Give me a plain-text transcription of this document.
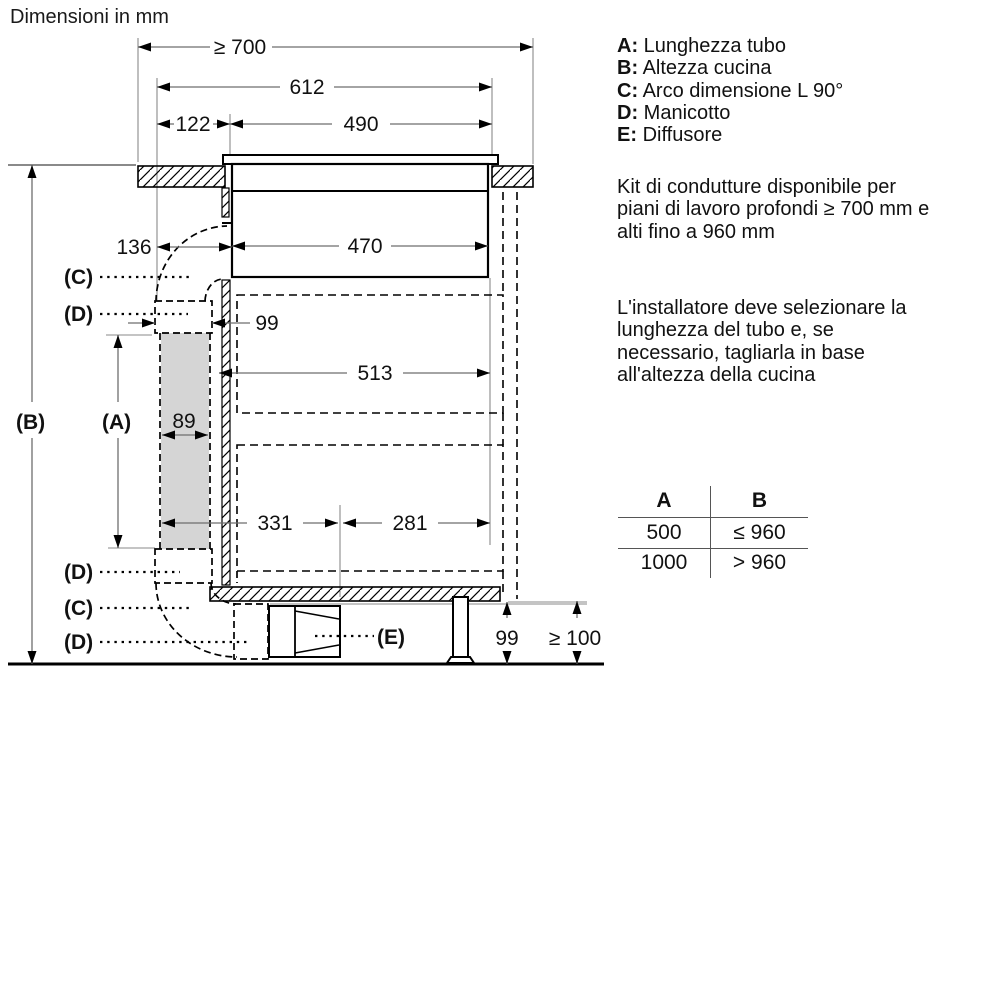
Dimensioni in mm
≥ 700
612
122	490
136	470
99
513
89
331	281
99 ≥ 100
(B)	(A)
(C)
(D)
(D)
(C)
(D)	(E)
A: Lunghezza tubo
B: Altezza cucina
C: Arco dimensione L 90°
D: Manicotto
E: Diffusore
Kit di condutture disponibile per
piani di lavoro profondi ≥ 700 mm e
alti fino a 960 mm
L'installatore deve selezionare la
lunghezza del tubo e, se
necessario, tagliarla in base
all'altezza della cucina
A	B
500	≤ 960
1000	> 960
